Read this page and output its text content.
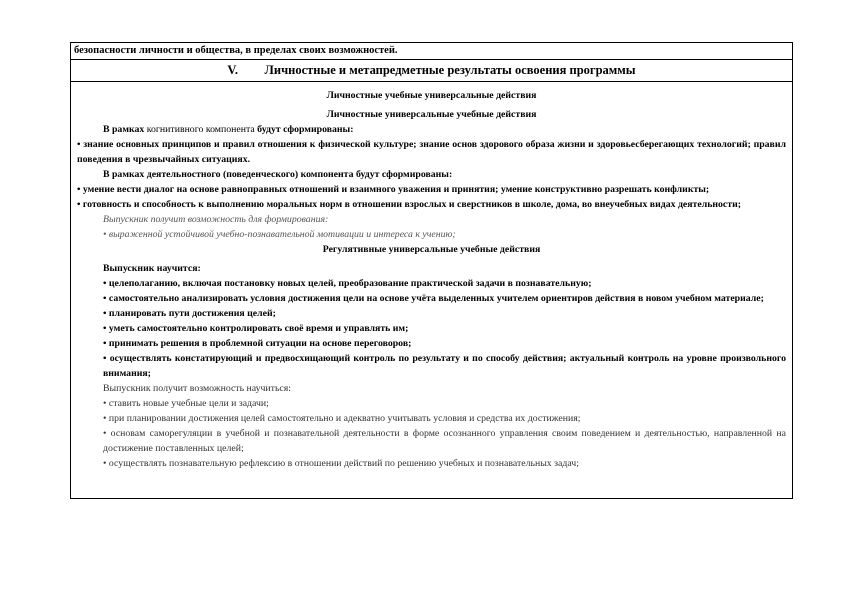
безопасности личности и общества, в пределах своих возможностей.
V. Личностные и метапредметные результаты освоения программы
Личностные учебные универсальные действия
Личностные универсальные учебные действия

В рамках когнитивного компонента будут сформированы:

• знание основных принципов и правил отношения к физической культуре; знание основ здорового образа жизни и здоровьесберегающих технологий; правил поведения в чрезвычайных ситуациях.

В рамках деятельностного (поведенческого) компонента будут сформированы:

• умение вести диалог на основе равноправных отношений и взаимного уважения и принятия; умение конструктивно разрешать конфликты;

• готовность и способность к выполнению моральных норм в отношении взрослых и сверстников в школе, дома, во внеучебных видах деятельности;

Выпускник получит возможность для формирования:

• выраженной устойчивой учебно-познавательной мотивации и интереса к учению;

Регулятивные универсальные учебные действия

Выпускник научится:

• целеполаганию, включая постановку новых целей, преобразование практической задачи в познавательную;

• самостоятельно анализировать условия достижения цели на основе учёта выделенных учителем ориентиров действия в новом учебном материале;

• планировать пути достижения целей;

• уметь самостоятельно контролировать своё время и управлять им;

• принимать решения в проблемной ситуации на основе переговоров;

• осуществлять констатирующий и предвосхищающий контроль по результату и по способу действия; актуальный контроль на уровне произвольного внимания;

Выпускник получит возможность научиться:

• ставить новые учебные цели и задачи;

• при планировании достижения целей самостоятельно и адекватно учитывать условия и средства их достижения;

• основам саморегуляции в учебной и познавательной деятельности в форме осознанного управления своим поведением и деятельностью, направленной на достижение поставленных целей;

• осуществлять познавательную рефлексию в отношении действий по решению учебных и познавательных задач;
